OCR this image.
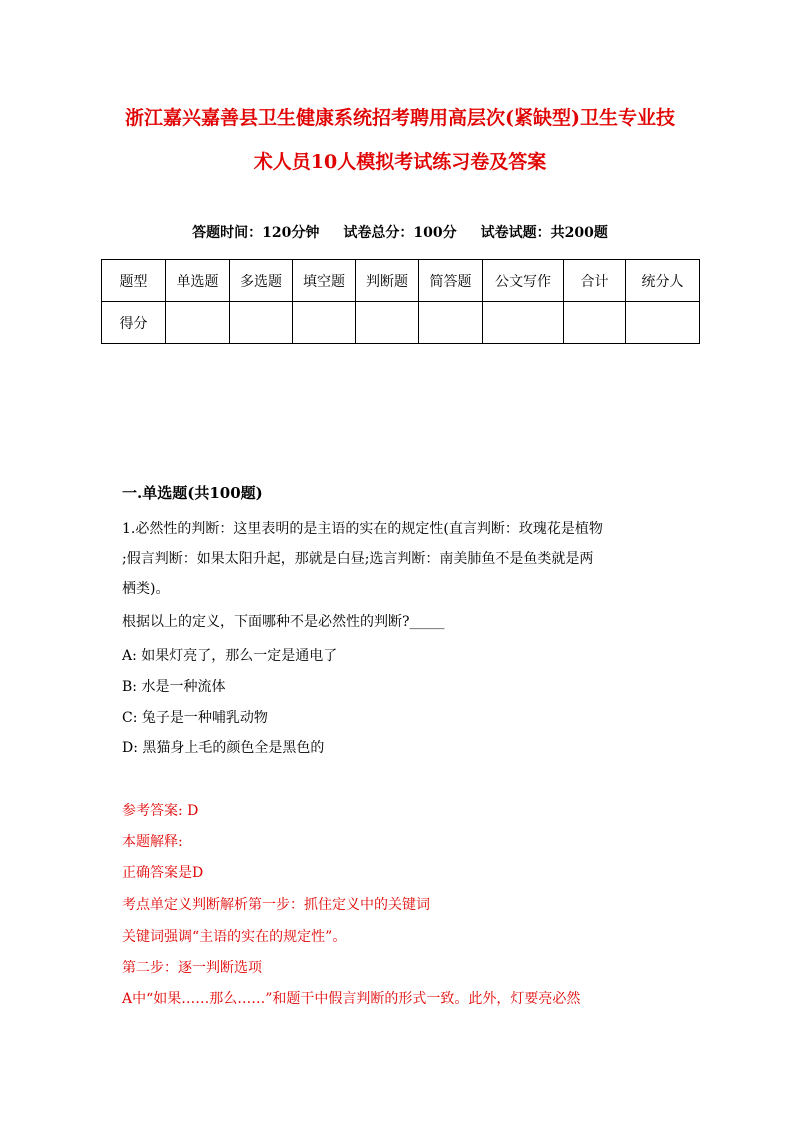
浙江嘉兴嘉善县卫生健康系统招考聘用高层次(紧缺型)卫生专业技
术人员10人模拟考试练习卷及答案
答题时间：120分钟 试卷总分：100分 试卷试题：共200题
题型	单选题	多选题	填空题	判断题	简答题	公文写作	合计	统分人
得分								
一.单选题(共100题)
1.必然性的判断：这里表明的是主语的实在的规定性(直言判断：玫瑰花是植物
;假言判断：如果太阳升起，那就是白昼;选言判断：南美肺鱼不是鱼类就是两
栖类)。
根据以上的定义，下面哪种不是必然性的判断?_____
A: 如果灯亮了，那么一定是通电了
B: 水是一种流体
C: 兔子是一种哺乳动物
D: 黑猫身上毛的颜色全是黑色的
参考答案: D
本题解释:
正确答案是D
考点单定义判断解析第一步：抓住定义中的关键词
关键词强调“主语的实在的规定性”。
第二步：逐一判断选项
A中“如果……那么……”和题干中假言判断的形式一致。此外，灯要亮必然
